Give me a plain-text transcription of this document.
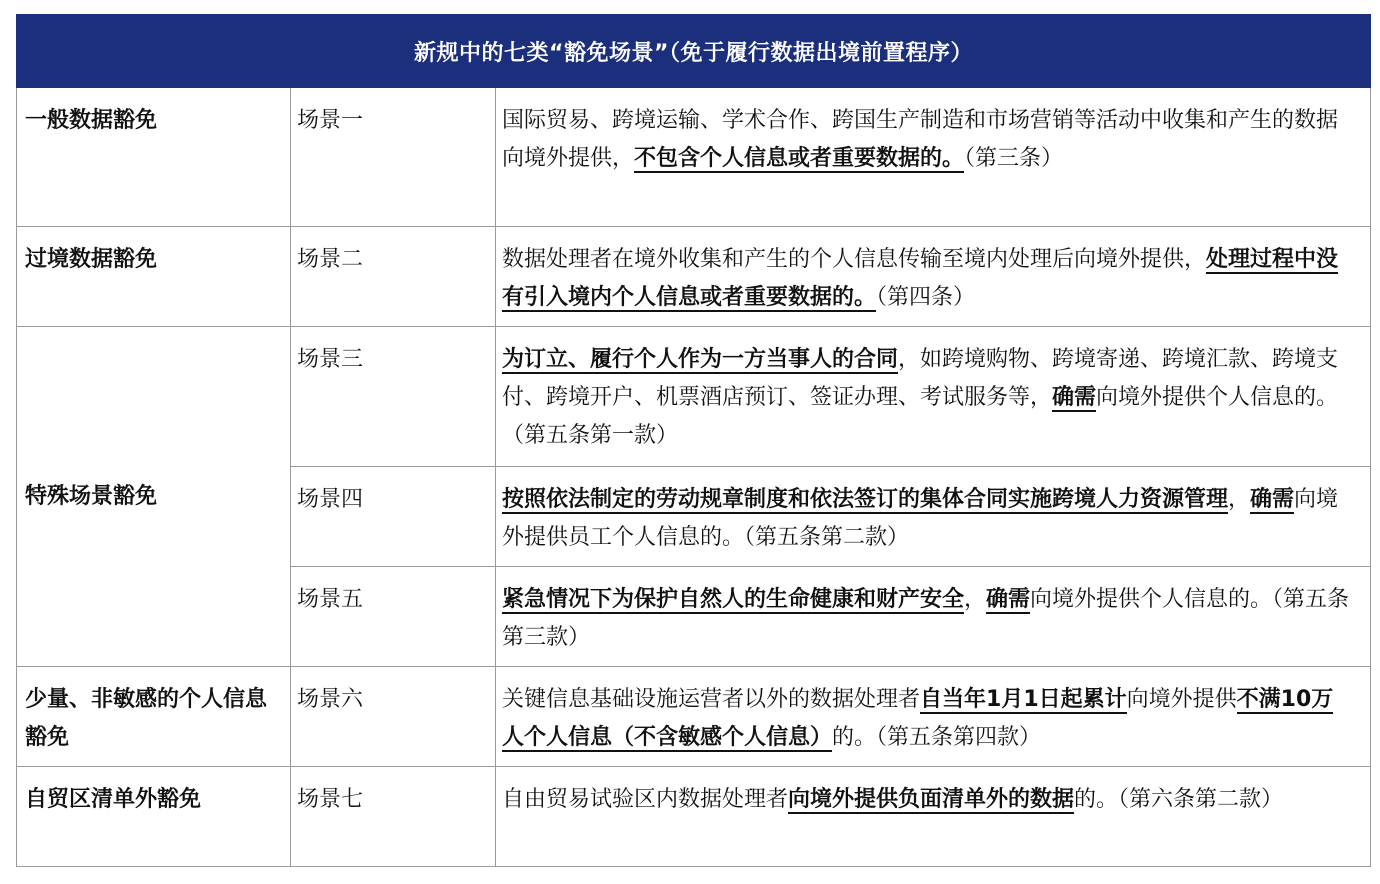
新规中的七类“豁免场景”（免于履行数据出境前置程序）		
一般数据豁免	场景一	国际贸易、跨境运输、学术合作、跨国生产制造和市场营销等活动中收集和产生的数据向境外提供，不包含个人信息或者重要数据的。（第三条）
过境数据豁免	场景二	数据处理者在境外收集和产生的个人信息传输至境内处理后向境外提供，处理过程中没有引入境内个人信息或者重要数据的。（第四条）
特殊场景豁免	场景三	为订立、履行个人作为一方当事人的合同，如跨境购物、跨境寄递、跨境汇款、跨境支付、跨境开户、机票酒店预订、签证办理、考试服务等，确需向境外提供个人信息的。（第五条第一款）
	场景四	按照依法制定的劳动规章制度和依法签订的集体合同实施跨境人力资源管理，确需向境外提供员工个人信息的。（第五条第二款）
	场景五	紧急情况下为保护自然人的生命健康和财产安全，确需向境外提供个人信息的。（第五条第三款）
少量、非敏感的个人信息豁免	场景六	关键信息基础设施运营者以外的数据处理者自当年1月1日起累计向境外提供不满10万人个人信息（不含敏感个人信息）的。（第五条第四款）
自贸区清单外豁免	场景七	自由贸易试验区内数据处理者向境外提供负面清单外的数据的。（第六条第二款）
